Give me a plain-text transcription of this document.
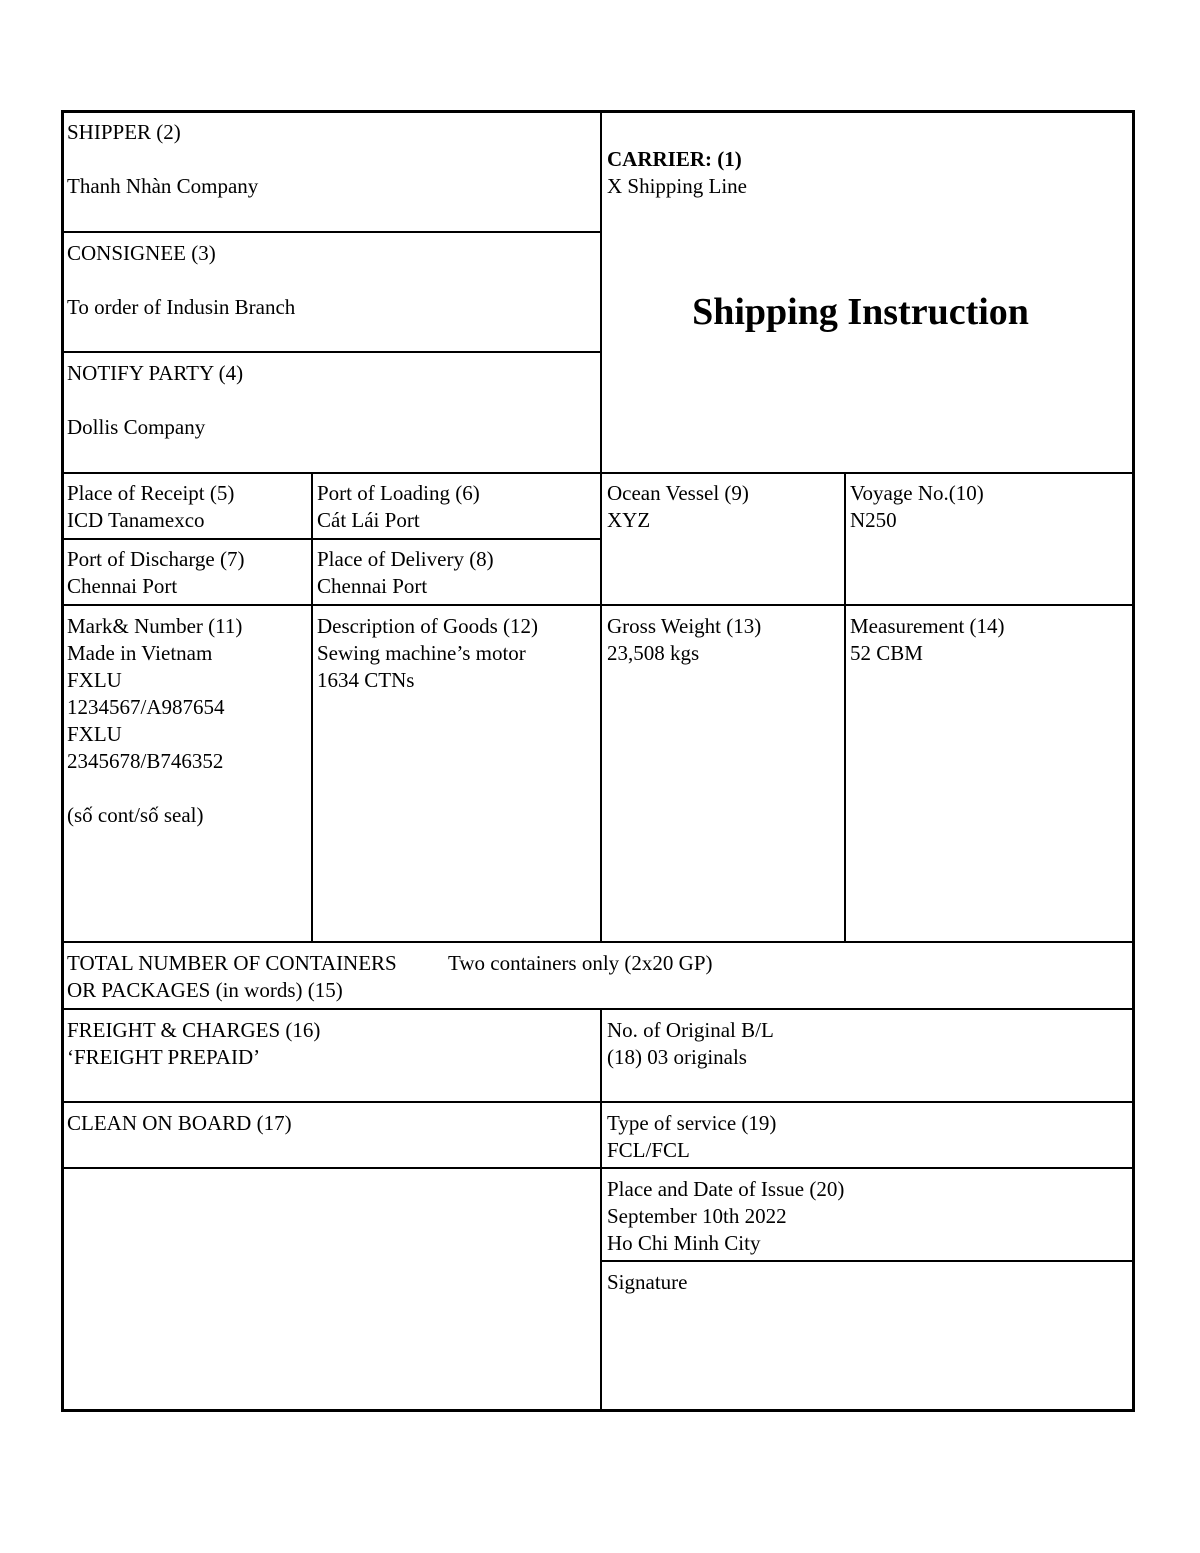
SHIPPER (2)
Thanh Nhàn Company
CARRIER: (1)
X Shipping Line
Shipping Instruction
CONSIGNEE (3)
To order of Indusin Branch
NOTIFY PARTY (4)
Dollis Company
Place of Receipt (5)
ICD Tanamexco
Port of Loading (6)
Cát Lái Port
Ocean Vessel (9)
XYZ
Voyage No.(10)
N250
Port of Discharge (7)
Chennai Port
Place of Delivery (8)
Chennai Port
Mark& Number (11)
Made in Vietnam
FXLU
1234567/A987654
FXLU
2345678/B746352
(số cont/số seal)
Description of Goods (12)
Sewing machine’s motor
1634 CTNs
Gross Weight (13)
23,508 kgs
Measurement (14)
52 CBM
TOTAL NUMBER OF CONTAINERS Two containers only (2x20 GP)
OR PACKAGES (in words) (15)
FREIGHT & CHARGES (16)
‘FREIGHT PREPAID’
No. of Original B/L
(18) 03 originals
CLEAN ON BOARD (17)	Type of service (19)
FCL/FCL
Place and Date of Issue (20)
September 10th 2022
Ho Chi Minh City
Signature
